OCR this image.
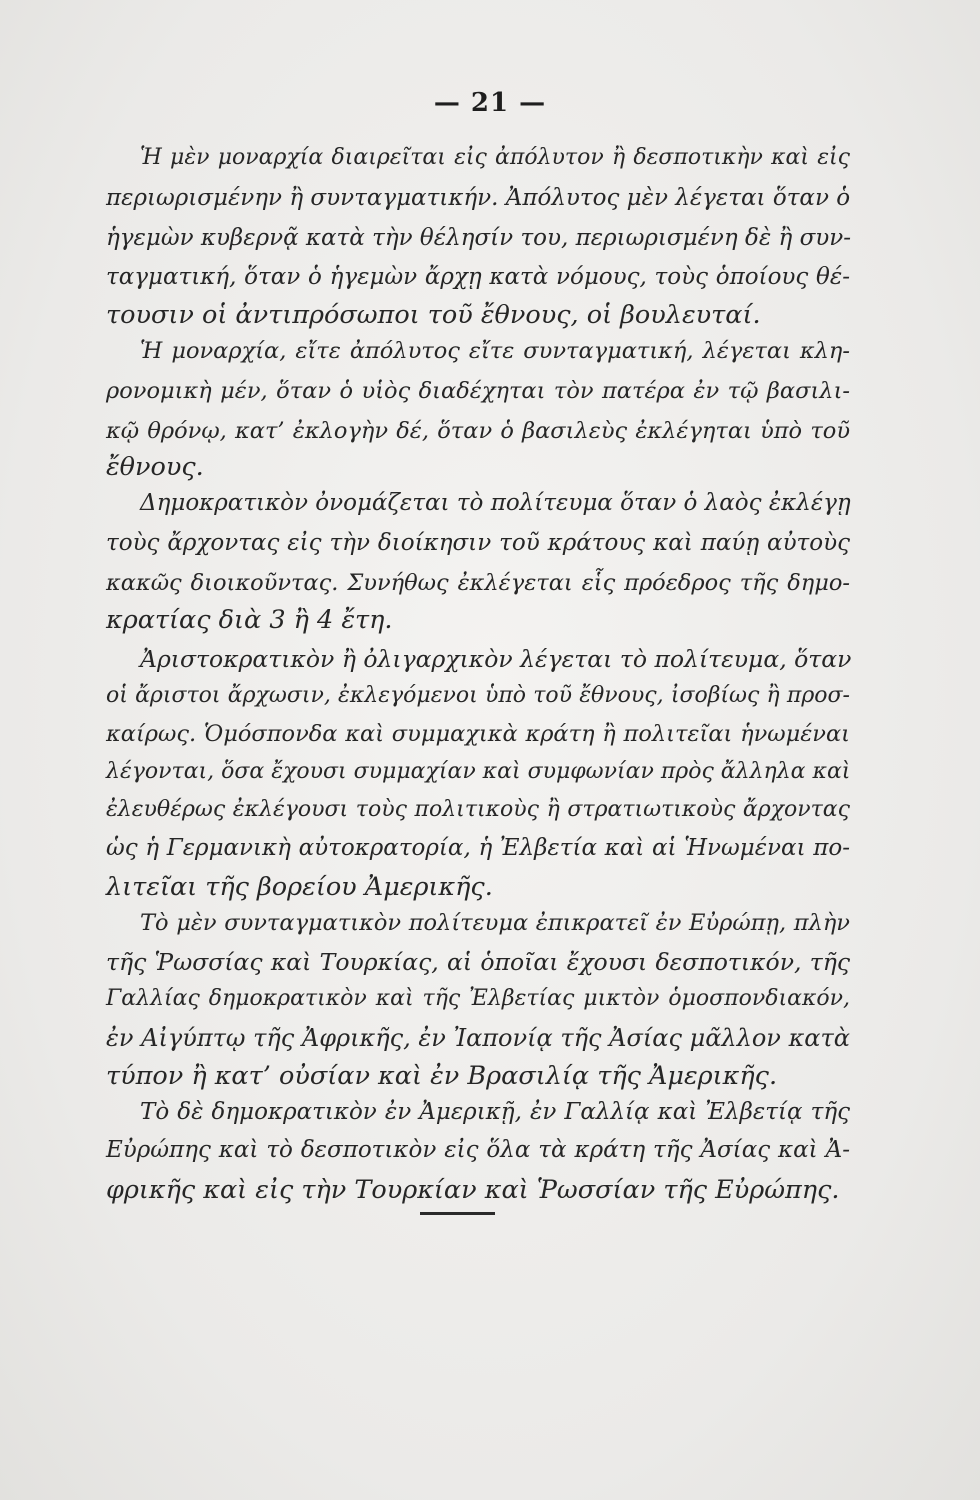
— 21 —
Ἡ μὲν μοναρχία διαιρεῖται εἰς ἀπόλυτον ἢ δεσποτικὴν καὶ εἰς
περιωρισμένην ἢ συνταγματικήν. Ἀπόλυτος μὲν λέγεται ὅταν ὁ
ἡγεμὼν κυβερνᾷ κατὰ τὴν θέλησίν του, περιωρισμένη δὲ ἢ συν-
ταγματική, ὅταν ὁ ἡγεμὼν ἄρχῃ κατὰ νόμους, τοὺς ὁποίους θέ-
τουσιν οἱ ἀντιπρόσωποι τοῦ ἔθνους, οἱ βουλευταί.
Ἡ μοναρχία, εἴτε ἀπόλυτος εἴτε συνταγματική, λέγεται κλη-
ρονομικὴ μέν, ὅταν ὁ υἱὸς διαδέχηται τὸν πατέρα ἐν τῷ βασιλι-
κῷ θρόνῳ, κατ’ ἐκλογὴν δέ, ὅταν ὁ βασιλεὺς ἐκλέγηται ὑπὸ τοῦ
ἔθνους.
Δημοκρατικὸν ὀνομάζεται τὸ πολίτευμα ὅταν ὁ λαὸς ἐκλέγῃ
τοὺς ἄρχοντας εἰς τὴν διοίκησιν τοῦ κράτους καὶ παύῃ αὐτοὺς
κακῶς διοικοῦντας. Συνήθως ἐκλέγεται εἷς πρόεδρος τῆς δημο-
κρατίας διὰ 3 ἢ 4 ἔτη.
Ἀριστοκρατικὸν ἢ ὀλιγαρχικὸν λέγεται τὸ πολίτευμα, ὅταν
οἱ ἄριστοι ἄρχωσιν, ἐκλεγόμενοι ὑπὸ τοῦ ἔθνους, ἰσοβίως ἢ προσ-
καίρως. Ὁμόσπονδα καὶ συμμαχικὰ κράτη ἢ πολιτεῖαι ἡνωμέναι
λέγονται, ὅσα ἔχουσι συμμαχίαν καὶ συμφωνίαν πρὸς ἄλληλα καὶ
ἐλευθέρως ἐκλέγουσι τοὺς πολιτικοὺς ἢ στρατιωτικοὺς ἄρχοντας
ὡς ἡ Γερμανικὴ αὐτοκρατορία, ἡ Ἐλβετία καὶ αἱ Ἡνωμέναι πο-
λιτεῖαι τῆς βορείου Ἀμερικῆς.
Τὸ μὲν συνταγματικὸν πολίτευμα ἐπικρατεῖ ἐν Εὐρώπῃ, πλὴν
τῆς Ῥωσσίας καὶ Τουρκίας, αἱ ὁποῖαι ἔχουσι δεσποτικόν, τῆς
Γαλλίας δημοκρατικὸν καὶ τῆς Ἐλβετίας μικτὸν ὁμοσπονδιακόν,
ἐν Αἰγύπτῳ τῆς Ἀφρικῆς, ἐν Ἰαπονίᾳ τῆς Ἀσίας μᾶλλον κατὰ
τύπον ἢ κατ’ οὐσίαν καὶ ἐν Βρασιλίᾳ τῆς Ἀμερικῆς.
Τὸ δὲ δημοκρατικὸν ἐν Ἀμερικῇ, ἐν Γαλλίᾳ καὶ Ἐλβετίᾳ τῆς
Εὐρώπης καὶ τὸ δεσποτικὸν εἰς ὅλα τὰ κράτη τῆς Ἀσίας καὶ Ἀ-
φρικῆς καὶ εἰς τὴν Τουρκίαν καὶ Ῥωσσίαν τῆς Εὐρώπης.
